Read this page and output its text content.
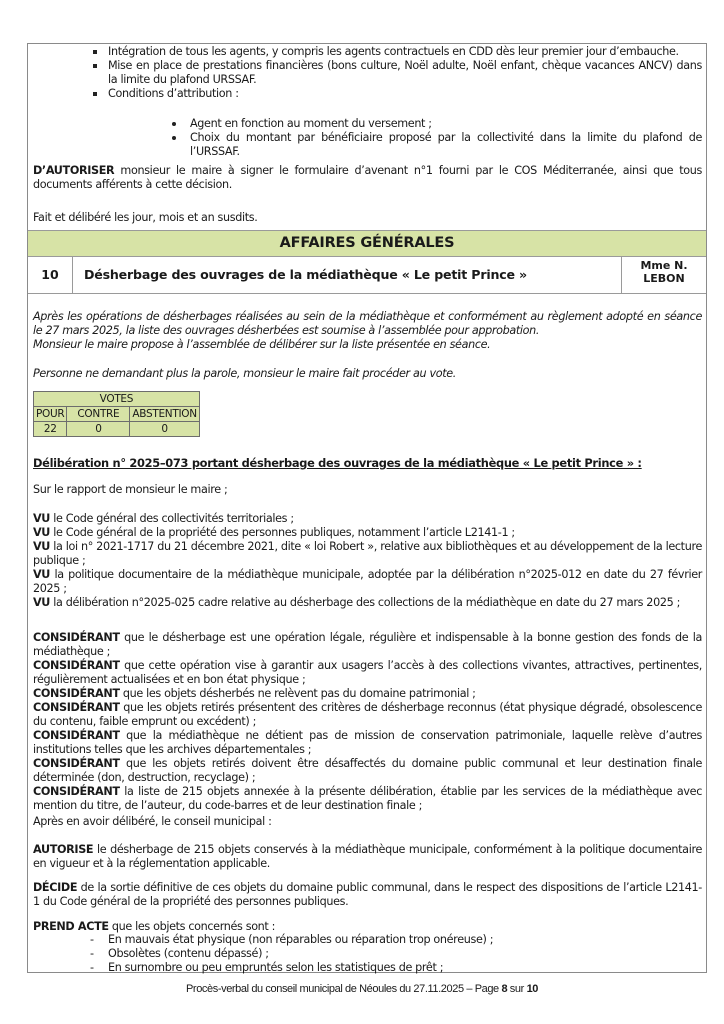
Intégration de tous les agents, y compris les agents contractuels en CDD dès leur premier jour d’embauche.
Mise en place de prestations financières (bons culture, Noël adulte, Noël enfant, chèque vacances ANCV) dans la limite du plafond URSSAF.
Conditions d’attribution :
Agent en fonction au moment du versement ;
Choix du montant par bénéficiaire proposé par la collectivité dans la limite du plafond de l’URSSAF.
D’AUTORISER monsieur le maire à signer le formulaire d’avenant n°1 fourni par le COS Méditerranée, ainsi que tous documents afférents à cette décision.
Fait et délibéré les jour, mois et an susdits.
AFFAIRES GÉNÉRALES
10	Désherbage des ouvrages de la médiathèque « Le petit Prince »
Mme N.
LEBON
Après les opérations de désherbages réalisées au sein de la médiathèque et conformément au règlement adopté en séance le 27 mars 2025, la liste des ouvrages désherbées est soumise à l’assemblée pour approbation.
Monsieur le maire propose à l’assemblée de délibérer sur la liste présentée en séance.
Personne ne demandant plus la parole, monsieur le maire fait procéder au vote.
VOTES		
POUR	CONTRE	ABSTENTION
22	0	0
Délibération n° 2025–073 portant désherbage des ouvrages de la médiathèque « Le petit Prince » :
Sur le rapport de monsieur le maire ;
VU le Code général des collectivités territoriales ;
VU le Code général de la propriété des personnes publiques, notamment l’article L2141-1 ;
VU la loi n° 2021-1717 du 21 décembre 2021, dite « loi Robert », relative aux bibliothèques et au développement de la lecture publique ;
VU la politique documentaire de la médiathèque municipale, adoptée par la délibération n°2025-012 en date du 27 février 2025 ;
VU la délibération n°2025-025 cadre relative au désherbage des collections de la médiathèque en date du 27 mars 2025 ;
CONSIDÉRANT que le désherbage est une opération légale, régulière et indispensable à la bonne gestion des fonds de la médiathèque ;
CONSIDÉRANT que cette opération vise à garantir aux usagers l’accès à des collections vivantes, attractives, pertinentes, régulièrement actualisées et en bon état physique ;
CONSIDÉRANT que les objets désherbés ne relèvent pas du domaine patrimonial ;
CONSIDÉRANT que les objets retirés présentent des critères de désherbage reconnus (état physique dégradé, obsolescence du contenu, faible emprunt ou excédent) ;
CONSIDÉRANT que la médiathèque ne détient pas de mission de conservation patrimoniale, laquelle relève d’autres institutions telles que les archives départementales ;
CONSIDÉRANT que les objets retirés doivent être désaffectés du domaine public communal et leur destination finale déterminée (don, destruction, recyclage) ;
CONSIDÉRANT la liste de 215 objets annexée à la présente délibération, établie par les services de la médiathèque avec mention du titre, de l’auteur, du code-barres et de leur destination finale ;
Après en avoir délibéré, le conseil municipal :
AUTORISE le désherbage de 215 objets conservés à la médiathèque municipale, conformément à la politique documentaire en vigueur et à la réglementation applicable.
DÉCIDE de la sortie définitive de ces objets du domaine public communal, dans le respect des dispositions de l’article L2141-1 du Code général de la propriété des personnes publiques.
PREND ACTE que les objets concernés sont :
- En mauvais état physique (non réparables ou réparation trop onéreuse) ;
- Obsolètes (contenu dépassé) ;
- En surnombre ou peu empruntés selon les statistiques de prêt ;
Procès-verbal du conseil municipal de Néoules du 27.11.2025 – Page 8 sur 10
